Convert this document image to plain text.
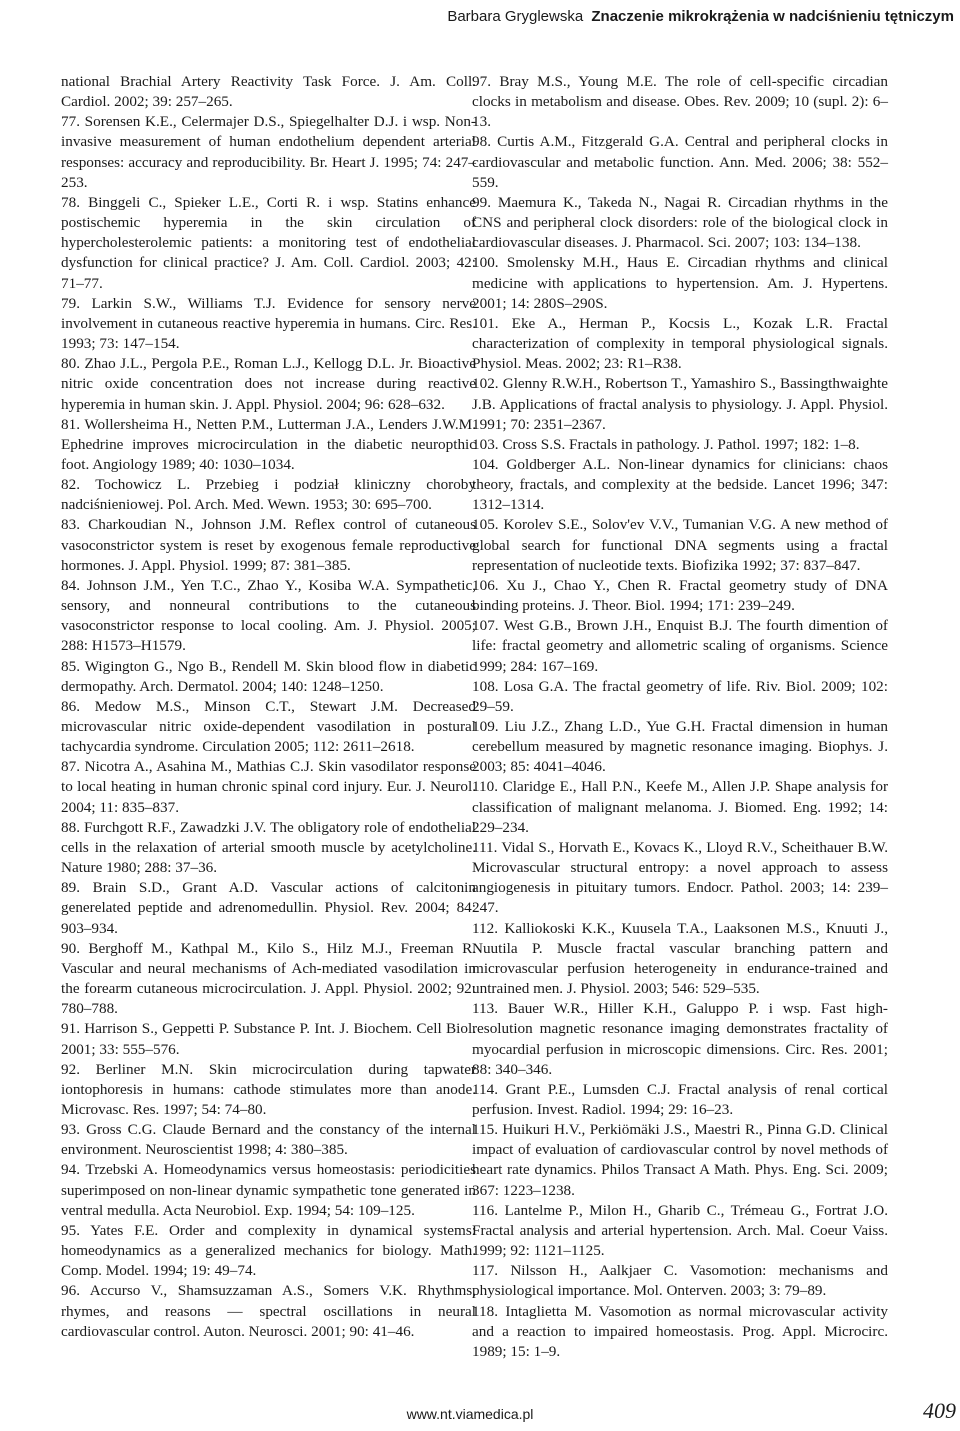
Barbara Gryglewska Znaczenie mikrokrążenia w nadciśnieniu tętniczym

national Brachial Artery Reactivity Task Force. J. Am. Coll. Cardiol. 2002; 39: 257–265.

77. Sorensen K.E., Celermajer D.S., Spiegelhalter D.J. i wsp. Non-invasive measurement of human endothelium dependent arterial responses: accuracy and reproducibility. Br. Heart J. 1995; 74: 247–253.

78. Binggeli C., Spieker L.E., Corti R. i wsp. Statins enhance postischemic hyperemia in the skin circulation of hypercholesterolemic patients: a monitoring test of endothelial dysfunction for clinical practice? J. Am. Coll. Cardiol. 2003; 42: 71–77.

79. Larkin S.W., Williams T.J. Evidence for sensory nerve involvement in cutaneous reactive hyperemia in humans. Circ. Res. 1993; 73: 147–154.

80. Zhao J.L., Pergola P.E., Roman L.J., Kellogg D.L. Jr. Bioactive nitric oxide concentration does not increase during reactive hyperemia in human skin. J. Appl. Physiol. 2004; 96: 628–632.

81. Wollersheima H., Netten P.M., Lutterman J.A., Lenders J.W.M. Ephedrine improves microcirculation in the diabetic neuropthic foot. Angiology 1989; 40: 1030–1034.

82. Tochowicz L. Przebieg i podział kliniczny choroby nadciśnieniowej. Pol. Arch. Med. Wewn. 1953; 30: 695–700.

83. Charkoudian N., Johnson J.M. Reflex control of cutaneous vasoconstrictor system is reset by exogenous female reproductive hormones. J. Appl. Physiol. 1999; 87: 381–385.

84. Johnson J.M., Yen T.C., Zhao Y., Kosiba W.A. Sympathetic, sensory, and nonneural contributions to the cutaneous vasoconstrictor response to local cooling. Am. J. Physiol. 2005; 288: H1573–H1579.

85. Wigington G., Ngo B., Rendell M. Skin blood flow in diabetic dermopathy. Arch. Dermatol. 2004; 140: 1248–1250.

86. Medow M.S., Minson C.T., Stewart J.M. Decreased microvascular nitric oxide-dependent vasodilation in postural tachycardia syndrome. Circulation 2005; 112: 2611–2618.

87. Nicotra A., Asahina M., Mathias C.J. Skin vasodilator response to local heating in human chronic spinal cord injury. Eur. J. Neurol. 2004; 11: 835–837.

88. Furchgott R.F., Zawadzki J.V. The obligatory role of endothelial cells in the relaxation of arterial smooth muscle by acetylcholine. Nature 1980; 288: 37–36.

89. Brain S.D., Grant A.D. Vascular actions of calcitonin generelated peptide and adrenomedullin. Physiol. Rev. 2004; 84: 903–934.

90. Berghoff M., Kathpal M., Kilo S., Hilz M.J., Freeman R. Vascular and neural mechanisms of Ach-mediated vasodilation in the forearm cutaneous microcirculation. J. Appl. Physiol. 2002; 92: 780–788.

91. Harrison S., Geppetti P. Substance P. Int. J. Biochem. Cell Biol. 2001; 33: 555–576.

92. Berliner M.N. Skin microcirculation during tapwater iontophoresis in humans: cathode stimulates more than anode. Microvasc. Res. 1997; 54: 74–80.

93. Gross C.G. Claude Bernard and the constancy of the internal environment. Neuroscientist 1998; 4: 380–385.

94. Trzebski A. Homeodynamics versus homeostasis: periodicities superimposed on non-linear dynamic sympathetic tone generated in ventral medulla. Acta Neurobiol. Exp. 1994; 54: 109–125.

95. Yates F.E. Order and complexity in dynamical systems: homeodynamics as a generalized mechanics for biology. Math. Comp. Model. 1994; 19: 49–74.

96. Accurso V., Shamsuzzaman A.S., Somers V.K. Rhythms, rhymes, and reasons — spectral oscillations in neural cardiovascular control. Auton. Neurosci. 2001; 90: 41–46.

97. Bray M.S., Young M.E. The role of cell-specific circadian clocks in metabolism and disease. Obes. Rev. 2009; 10 (supl. 2): 6–13.

98. Curtis A.M., Fitzgerald G.A. Central and peripheral clocks in cardiovascular and metabolic function. Ann. Med. 2006; 38: 552–559.

99. Maemura K., Takeda N., Nagai R. Circadian rhythms in the CNS and peripheral clock disorders: role of the biological clock in cardiovascular diseases. J. Pharmacol. Sci. 2007; 103: 134–138.

100. Smolensky M.H., Haus E. Circadian rhythms and clinical medicine with applications to hypertension. Am. J. Hypertens. 2001; 14: 280S–290S.

101. Eke A., Herman P., Kocsis L., Kozak L.R. Fractal characterization of complexity in temporal physiological signals. Physiol. Meas. 2002; 23: R1–R38.

102. Glenny R.W.H., Robertson T., Yamashiro S., Bassingthwaighte J.B. Applications of fractal analysis to physiology. J. Appl. Physiol. 1991; 70: 2351–2367.

103. Cross S.S. Fractals in pathology. J. Pathol. 1997; 182: 1–8.

104. Goldberger A.L. Non-linear dynamics for clinicians: chaos theory, fractals, and complexity at the bedside. Lancet 1996; 347: 1312–1314.

105. Korolev S.E., Solov'ev V.V., Tumanian V.G. A new method of global search for functional DNA segments using a fractal representation of nucleotide texts. Biofizika 1992; 37: 837–847.

106. Xu J., Chao Y., Chen R. Fractal geometry study of DNA binding proteins. J. Theor. Biol. 1994; 171: 239–249.

107. West G.B., Brown J.H., Enquist B.J. The fourth dimention of life: fractal geometry and allometric scaling of organisms. Science 1999; 284: 167–169.

108. Losa G.A. The fractal geometry of life. Riv. Biol. 2009; 102: 29–59.

109. Liu J.Z., Zhang L.D., Yue G.H. Fractal dimension in human cerebellum measured by magnetic resonance imaging. Biophys. J. 2003; 85: 4041–4046.

110. Claridge E., Hall P.N., Keefe M., Allen J.P. Shape analysis for classification of malignant melanoma. J. Biomed. Eng. 1992; 14: 229–234.

111. Vidal S., Horvath E., Kovacs K., Lloyd R.V., Scheithauer B.W. Microvascular structural entropy: a novel approach to assess angiogenesis in pituitary tumors. Endocr. Pathol. 2003; 14: 239–247.

112. Kalliokoski K.K., Kuusela T.A., Laaksonen M.S., Knuuti J., Nuutila P. Muscle fractal vascular branching pattern and microvascular perfusion heterogeneity in endurance-trained and untrained men. J. Physiol. 2003; 546: 529–535.

113. Bauer W.R., Hiller K.H., Galuppo P. i wsp. Fast high-resolution magnetic resonance imaging demonstrates fractality of myocardial perfusion in microscopic dimensions. Circ. Res. 2001; 88: 340–346.

114. Grant P.E., Lumsden C.J. Fractal analysis of renal cortical perfusion. Invest. Radiol. 1994; 29: 16–23.

115. Huikuri H.V., Perkiömäki J.S., Maestri R., Pinna G.D. Clinical impact of evaluation of cardiovascular control by novel methods of heart rate dynamics. Philos Transact A Math. Phys. Eng. Sci. 2009; 367: 1223–1238.

116. Lantelme P., Milon H., Gharib C., Trémeau G., Fortrat J.O. Fractal analysis and arterial hypertension. Arch. Mal. Coeur Vaiss. 1999; 92: 1121–1125.

117. Nilsson H., Aalkjaer C. Vasomotion: mechanisms and physiological importance. Mol. Onterven. 2003; 3: 79–89.

118. Intaglietta M. Vasomotion as normal microvascular activity and a reaction to impaired homeostasis. Prog. Appl. Microcirc. 1989; 15: 1–9.

www.nt.viamedica.pl	409
